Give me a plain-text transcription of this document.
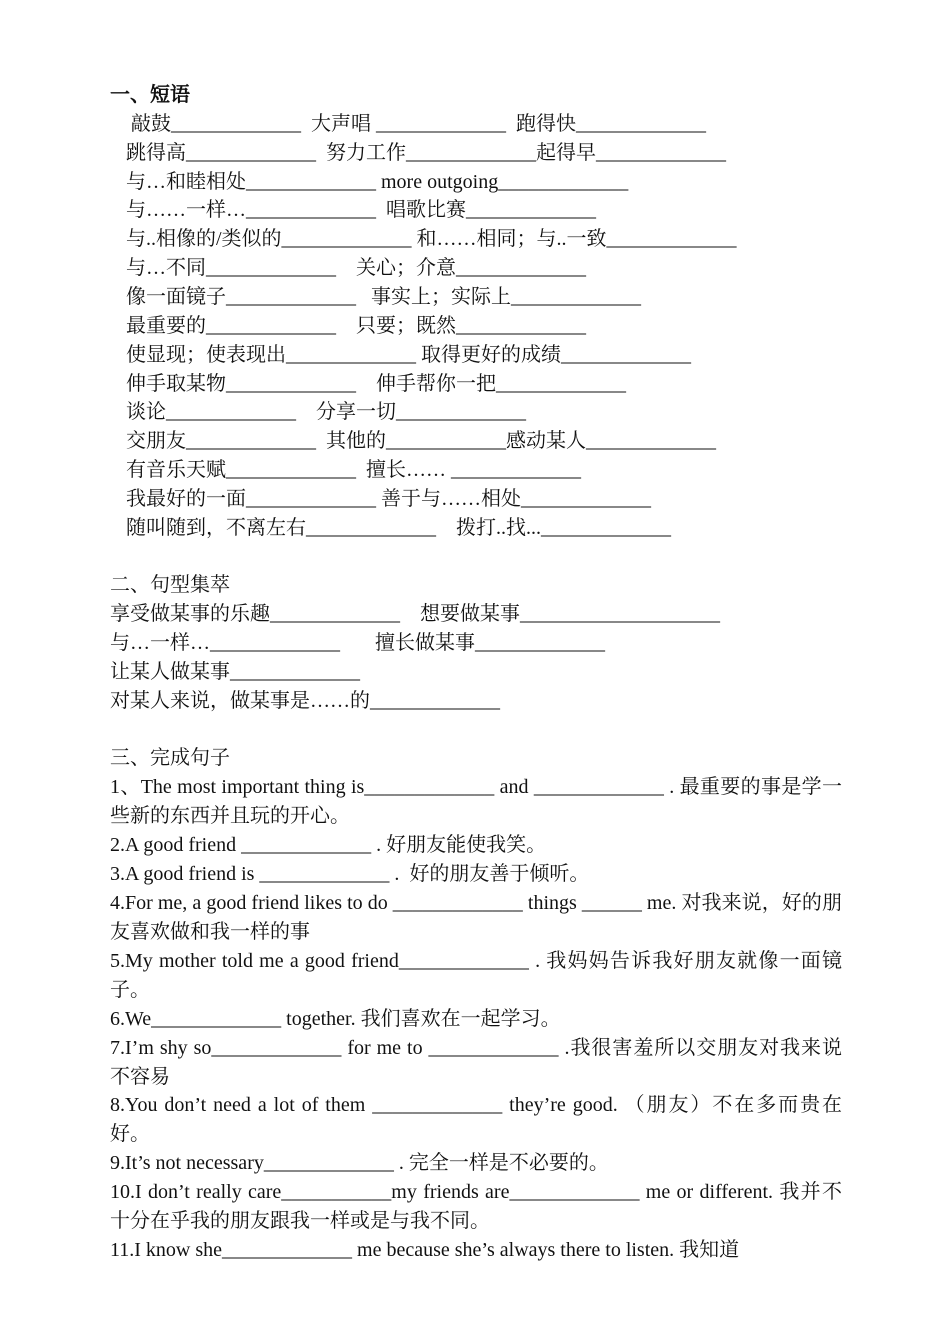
一、短语
敲鼓_____________  大声唱 _____________  跑得快_____________
跳得高_____________  努力工作_____________起得早_____________
与…和睦相处_____________ more outgoing_____________
与……一样…_____________  唱歌比赛_____________
与..相像的/类似的_____________ 和……相同；与..一致_____________
与…不同_____________    关心；介意_____________
像一面镜子_____________   事实上；实际上_____________
最重要的_____________    只要；既然_____________
使显现；使表现出_____________ 取得更好的成绩_____________
伸手取某物_____________    伸手帮你一把_____________
谈论_____________    分享一切_____________
交朋友_____________  其他的____________感动某人_____________
有音乐天赋_____________  擅长…… _____________
我最好的一面_____________ 善于与……相处_____________
随叫随到，不离左右_____________    拨打..找..._____________
二、句型集萃
享受做某事的乐趣_____________    想要做某事____________________
与…一样…_____________       擅长做某事_____________
让某人做某事_____________
对某人来说，做某事是……的_____________
三、完成句子
1、The most important thing is_____________ and _____________ . 最重要的事是学一些新的东西并且玩的开心。
2.A good friend _____________ . 好朋友能使我笑。
3.A good friend is _____________ .  好的朋友善于倾听。
4.For me, a good friend likes to do _____________ things ______ me. 对我来说，好的朋友喜欢做和我一样的事
5.My mother told me a good friend_____________ . 我妈妈告诉我好朋友就像一面镜子。
6.We_____________ together. 我们喜欢在一起学习。
7.I’m shy so_____________ for me to _____________ .我很害羞所以交朋友对我来说不容易
8.You don’t need a lot of them _____________ they’re good. （朋友）不在多而贵在好。
9.It’s not necessary_____________ . 完全一样是不必要的。
10.I don’t really care___________my friends are_____________ me or different. 我并不十分在乎我的朋友跟我一样或是与我不同。
11.I know she_____________ me because she’s always there to listen. 我知道
